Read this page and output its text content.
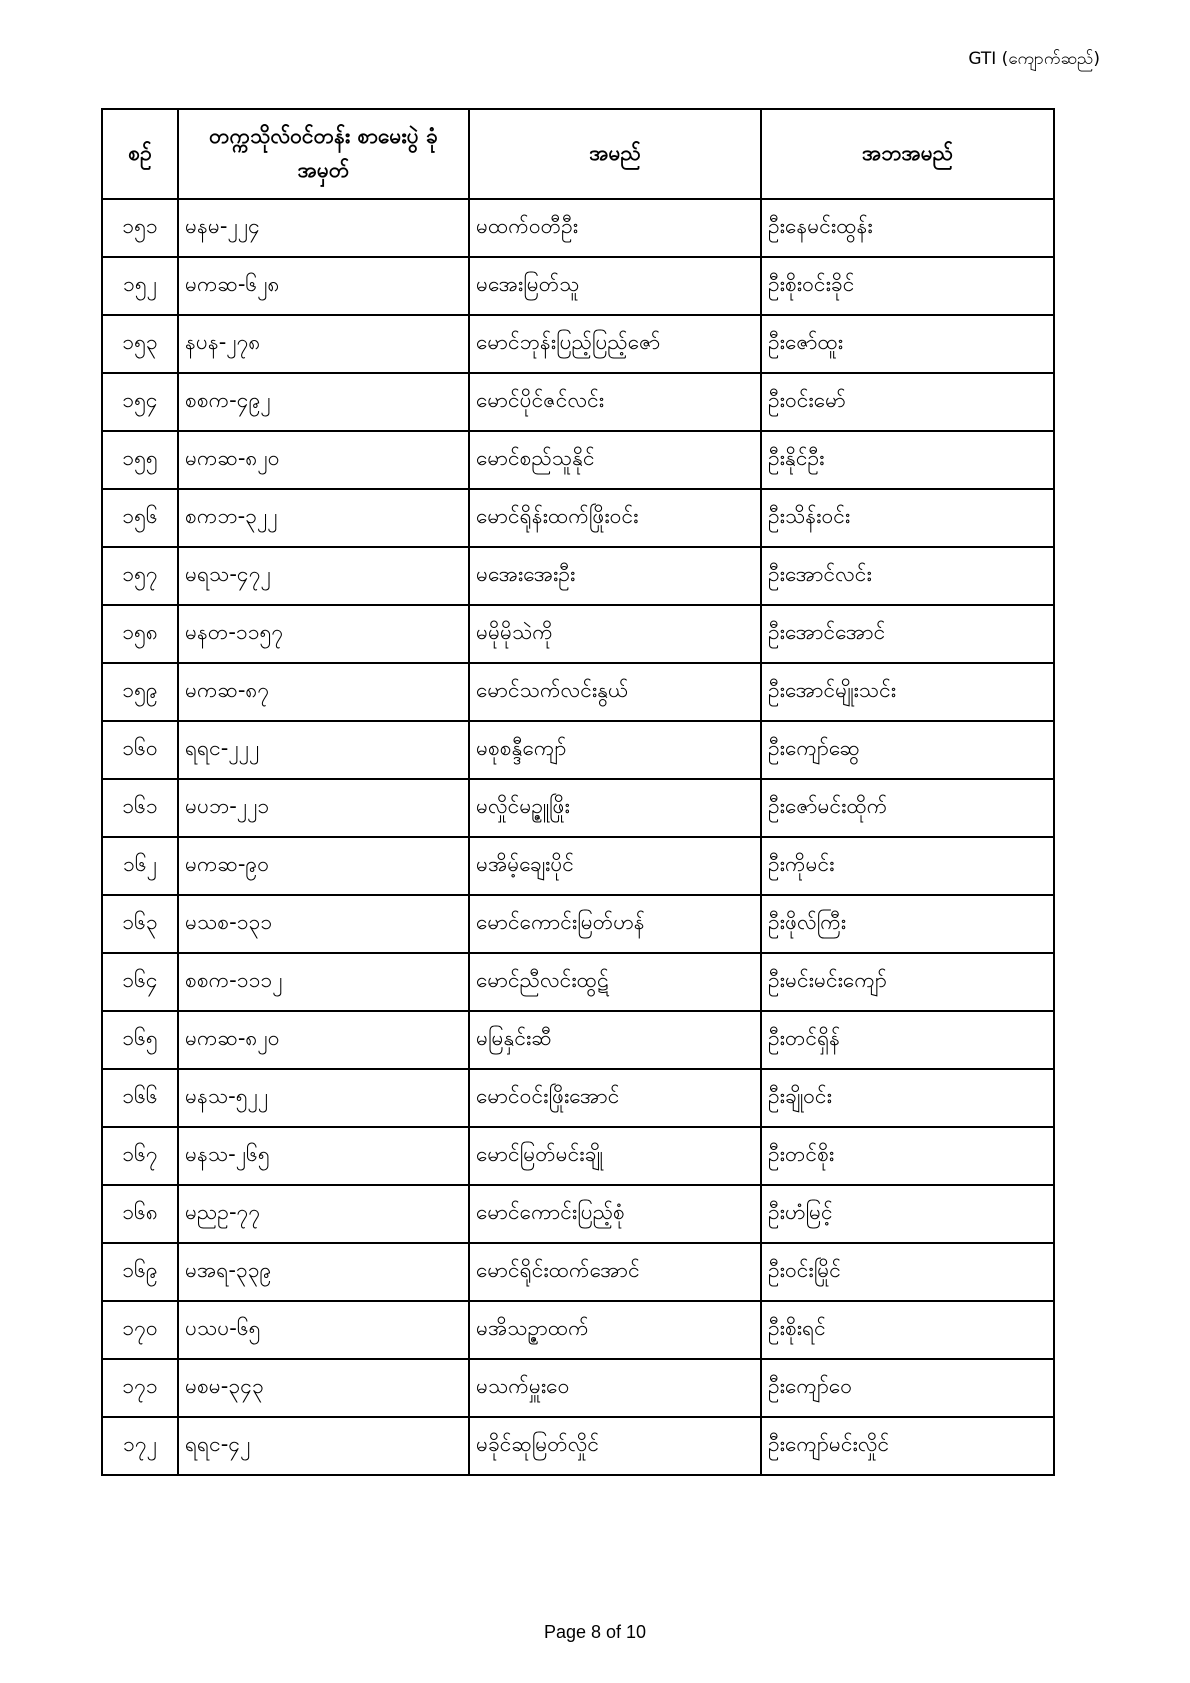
GTI (ကျောက်ဆည်)
စဉ်	တက္ကသိုလ်ဝင်တန်း စာမေးပွဲ ခုံအမှတ်	အမည်	အဘအမည်
၁၅၁	မနမ-၂၂၄	မထက်ဝတီဦး	ဦးနေမင်းထွန်း
၁၅၂	မကဆ-၆၂၈	မအေးမြတ်သူ	ဦးစိုးဝင်းခိုင်
၁၅၃	နပန-၂၇၈	မောင်ဘုန်းပြည့်ပြည့်ဇော်	ဦးဇော်ထူး
၁၅၄	စစက-၄၉၂	မောင်ပိုင်ဇင်လင်း	ဦးဝင်းမော်
၁၅၅	မကဆ-၈၂၀	မောင်စည်သူနိုင်	ဦးနိုင်ဦး
၁၅၆	စကဘ-၃၂၂	မောင်ရိုန်းထက်ဖြိုးဝင်း	ဦးသိန်းဝင်း
၁၅၇	မရသ-၄၇၂	မအေးအေးဦး	ဦးအောင်လင်း
၁၅၈	မနတ-၁၁၅၇	မမိုမိုသဲကို	ဦးအောင်အောင်
၁၅၉	မကဆ-၈၇	မောင်သက်လင်းနွယ်	ဦးအောင်မျိုးသင်း
၁၆၀	ရရင-၂၂၂	မစုစန္ဒီကျော်	ဦးကျော်ဆွေ
၁၆၁	မပဘ-၂၂၁	မလှိုင်မဥ္ဇူဖြိုး	ဦးဇော်မင်းထိုက်
၁၆၂	မကဆ-၉၀	မအိမ့်ချေးပိုင်	ဦးကိုမင်း
၁၆၃	မသစ-၁၃၁	မောင်ကောင်းမြတ်ဟန်	ဦးဖိုလ်ကြီး
၁၆၄	စစက-၁၁၁၂	မောင်ညီလင်းထွဋ်	ဦးမင်းမင်းကျော်
၁၆၅	မကဆ-၈၂၀	မမြနှင်းဆီ	ဦးတင်ရှိန်
၁၆၆	မနသ-၅၂၂	မောင်ဝင်းဖြိုးအောင်	ဦးချိုဝင်း
၁၆၇	မနသ-၂၆၅	မောင်မြတ်မင်းချို	ဦးတင်စိုး
၁၆၈	မညဥ-၇၇	မောင်ကောင်းပြည့်စုံ	ဦးဟံမြင့်
၁၆၉	မအရ-၃၃၉	မောင်ရိုင်းထက်အောင်	ဦးဝင်းမြိုင်
၁၇၀	ပသပ-၆၅	မအိသဉ္ဇာထက်	ဦးစိုးရင်
၁၇၁	မစမ-၃၄၃	မသက်မှူးဝေ	ဦးကျော်ဝေ
၁၇၂	ရရင-၄၂	မခိုင်ဆုမြတ်လှိုင်	ဦးကျော်မင်းလှိုင်
Page 8 of 10
